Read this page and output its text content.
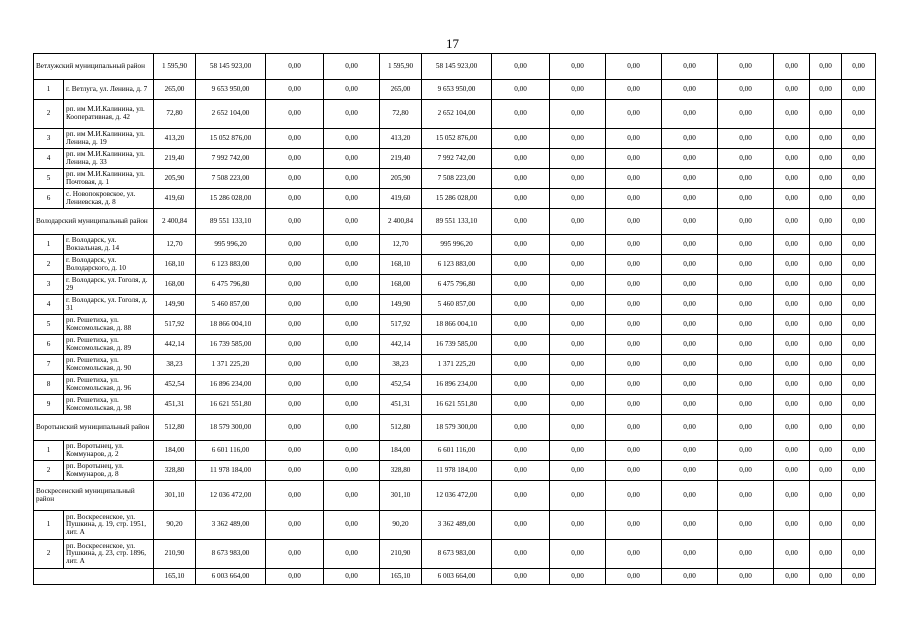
17
Ветлужский муниципальный район		1 595,90	58 145 923,00	0,00	0,00	1 595,90	58 145 923,00	0,00	0,00	0,00	0,00	0,00	0,00	0,00	0,00
1	г. Ветлуга, ул. Ленина, д. 7	265,00	9 653 950,00	0,00	0,00	265,00	9 653 950,00	0,00	0,00	0,00	0,00	0,00	0,00	0,00	0,00
2	рп. им М.И.Калинина, ул. Кооперативная, д. 42	72,80	2 652 104,00	0,00	0,00	72,80	2 652 104,00	0,00	0,00	0,00	0,00	0,00	0,00	0,00	0,00
3	рп. им М.И.Калинина, ул. Ленина, д. 19	413,20	15 052 876,00	0,00	0,00	413,20	15 052 876,00	0,00	0,00	0,00	0,00	0,00	0,00	0,00	0,00
4	рп. им М.И.Калинина, ул. Ленина, д. 33	219,40	7 992 742,00	0,00	0,00	219,40	7 992 742,00	0,00	0,00	0,00	0,00	0,00	0,00	0,00	0,00
5	рп. им М.И.Калинина, ул. Почтовая, д. 1	205,90	7 508 223,00	0,00	0,00	205,90	7 508 223,00	0,00	0,00	0,00	0,00	0,00	0,00	0,00	0,00
6	с. Новопокровское, ул. Лениевская, д. 8	419,60	15 286 028,00	0,00	0,00	419,60	15 286 028,00	0,00	0,00	0,00	0,00	0,00	0,00	0,00	0,00
Володарский муниципальный район		2 400,84	89 551 133,10	0,00	0,00	2 400,84	89 551 133,10	0,00	0,00	0,00	0,00	0,00	0,00	0,00	0,00
1	г. Володарск, ул. Вокзальная, д. 14	12,70	995 996,20	0,00	0,00	12,70	995 996,20	0,00	0,00	0,00	0,00	0,00	0,00	0,00	0,00
2	г. Володарск, ул. Володарского, д. 10	168,10	6 123 883,00	0,00	0,00	168,10	6 123 883,00	0,00	0,00	0,00	0,00	0,00	0,00	0,00	0,00
3	г. Володарск, ул. Гоголя, д. 29	168,00	6 475 796,80	0,00	0,00	168,00	6 475 796,80	0,00	0,00	0,00	0,00	0,00	0,00	0,00	0,00
4	г. Володарск, ул. Гоголя, д. 31	149,90	5 460 857,00	0,00	0,00	149,90	5 460 857,00	0,00	0,00	0,00	0,00	0,00	0,00	0,00	0,00
5	рп. Решетиха, ул. Комсомольская, д. 88	517,92	18 866 004,10	0,00	0,00	517,92	18 866 004,10	0,00	0,00	0,00	0,00	0,00	0,00	0,00	0,00
6	рп. Решетиха, ул. Комсомольская, д. 89	442,14	16 739 585,00	0,00	0,00	442,14	16 739 585,00	0,00	0,00	0,00	0,00	0,00	0,00	0,00	0,00
7	рп. Решетиха, ул. Комсомольская, д. 90	38,23	1 371 225,20	0,00	0,00	38,23	1 371 225,20	0,00	0,00	0,00	0,00	0,00	0,00	0,00	0,00
8	рп. Решетиха, ул. Комсомольская, д. 96	452,54	16 896 234,00	0,00	0,00	452,54	16 896 234,00	0,00	0,00	0,00	0,00	0,00	0,00	0,00	0,00
9	рп. Решетиха, ул. Комсомольская, д. 98	451,31	16 621 551,80	0,00	0,00	451,31	16 621 551,80	0,00	0,00	0,00	0,00	0,00	0,00	0,00	0,00
Воротынский муниципальный район		512,80	18 579 300,00	0,00	0,00	512,80	18 579 300,00	0,00	0,00	0,00	0,00	0,00	0,00	0,00	0,00
1	рп. Воротынец, ул. Коммунаров, д. 2	184,00	6 601 116,00	0,00	0,00	184,00	6 601 116,00	0,00	0,00	0,00	0,00	0,00	0,00	0,00	0,00
2	рп. Воротынец, ул. Коммунаров, д. 8	328,80	11 978 184,00	0,00	0,00	328,80	11 978 184,00	0,00	0,00	0,00	0,00	0,00	0,00	0,00	0,00
Воскресенский муниципальный район		301,10	12 036 472,00	0,00	0,00	301,10	12 036 472,00	0,00	0,00	0,00	0,00	0,00	0,00	0,00	0,00
1	рп. Воскресенское, ул. Пушкина, д. 19, стр. 1951, лит. А	90,20	3 362 489,00	0,00	0,00	90,20	3 362 489,00	0,00	0,00	0,00	0,00	0,00	0,00	0,00	0,00
2	рп. Воскресенское, ул. Пушкина, д. 23, стр. 1896, лит. А	210,90	8 673 983,00	0,00	0,00	210,90	8 673 983,00	0,00	0,00	0,00	0,00	0,00	0,00	0,00	0,00
		165,10	6 003 664,00	0,00	0,00	165,10	6 003 664,00	0,00	0,00	0,00	0,00	0,00	0,00	0,00	0,00
